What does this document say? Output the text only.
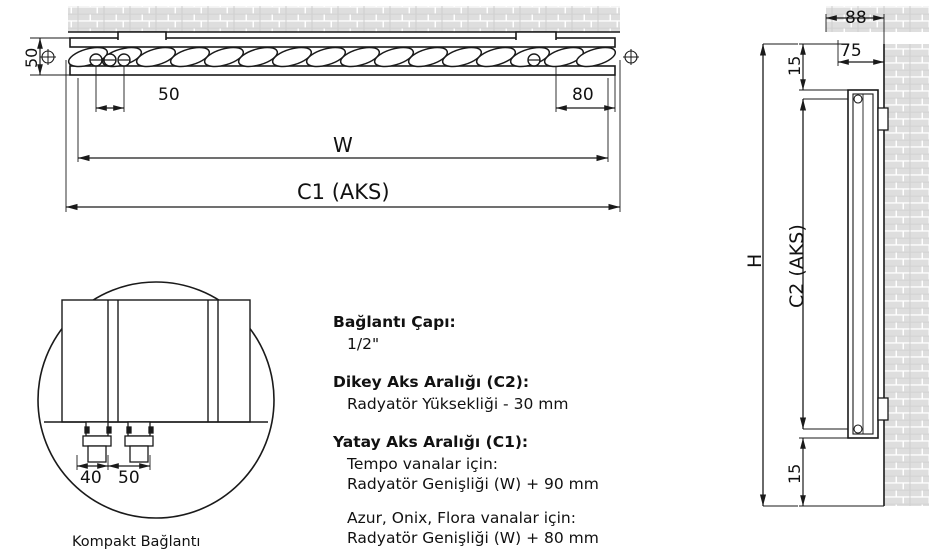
50
50	80
W
C1 (AKS)
88
75
15
15
H C2 (AKS)
40 50
Kompakt Bağlantı
Bağlantı Çapı:
1/2"
Dikey Aks Aralığı (C2):
Radyatör Yüksekliği - 30 mm
Yatay Aks Aralığı (C1):
Tempo vanalar için:
Radyatör Genişliği (W) + 90 mm
Azur, Onix, Flora vanalar için:
Radyatör Genişliği (W) + 80 mm
